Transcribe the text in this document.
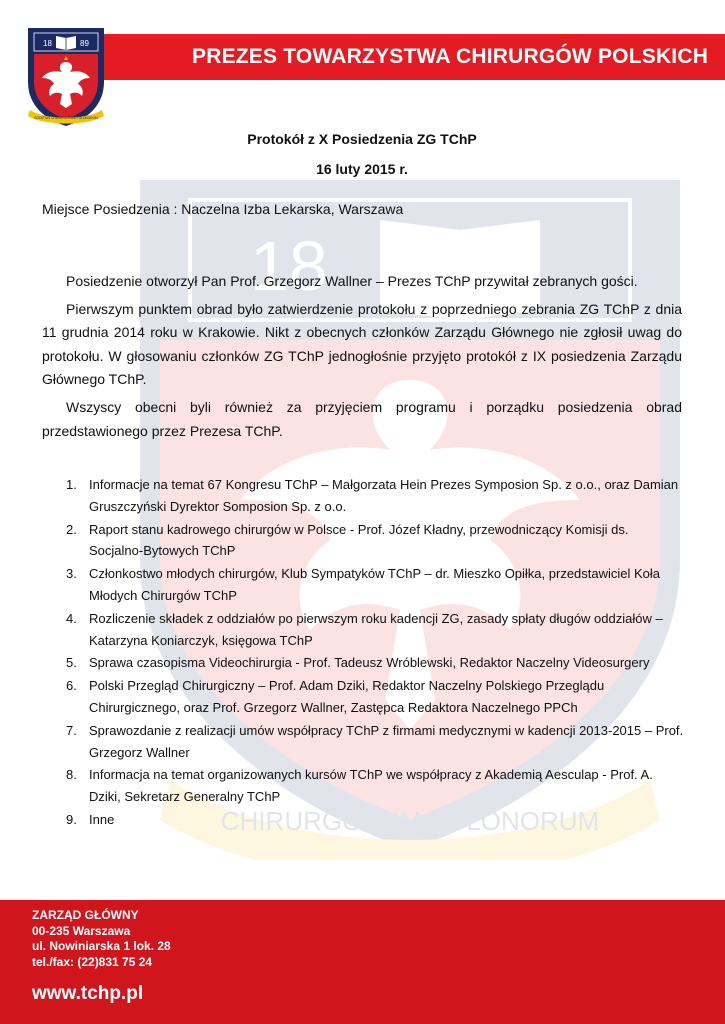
PREZES TOWARZYSTWA CHIRURGÓW POLSKICH
18	89
SOCIETAS CHIRURGORUM POLONORUM
18
CHIRURGORUM POLONORUM
Protokół z X Posiedzenia ZG TChP
16 luty 2015 r.
Miejsce Posiedzenia : Naczelna Izba Lekarska, Warszawa

Posiedzenie otworzył Pan Prof. Grzegorz Wallner – Prezes TChP przywitał zebranych gości.

Pierwszym punktem obrad było zatwierdzenie protokołu z poprzedniego zebrania ZG TChP z dnia 11 grudnia 2014 roku w Krakowie. Nikt z obecnych członków Zarządu Głównego nie zgłosił uwag do protokołu. W głosowaniu członków ZG TChP jednogłośnie przyjęto protokół z IX posiedzenia Zarządu Głównego TChP.

Wszyscy obecni byli również za przyjęciem programu i porządku posiedzenia obrad przedstawionego przez Prezesa TChP.

1. Informacje na temat 67 Kongresu TChP – Małgorzata Hein Prezes Symposion Sp. z o.o., oraz Damian Gruszczyński Dyrektor Somposion Sp. z o.o.
2. Raport stanu kadrowego chirurgów w Polsce - Prof. Józef Kładny, przewodniczący Komisji ds. Socjalno-Bytowych TChP
3. Członkostwo młodych chirurgów, Klub Sympatyków TChP – dr. Mieszko Opiłka, przedstawiciel Koła Młodych Chirurgów TChP
4. Rozliczenie składek z oddziałów po pierwszym roku kadencji ZG, zasady spłaty długów oddziałów – Katarzyna Koniarczyk, księgowa TChP
5. Sprawa czasopisma Videochirurgia - Prof. Tadeusz Wróblewski, Redaktor Naczelny Videosurgery
6. Polski Przegląd Chirurgiczny – Prof. Adam Dziki, Redaktor Naczelny Polskiego Przeglądu Chirurgicznego, oraz Prof. Grzegorz Wallner, Zastępca Redaktora Naczelnego PPCh
7. Sprawozdanie z realizacji umów współpracy TChP z firmami medycznymi w kadencji 2013-2015 – Prof. Grzegorz Wallner
8. Informacja na temat organizowanych kursów TChP we współpracy z Akademią Aesculap - Prof. A. Dziki, Sekretarz Generalny TChP
9. Inne
ZARZĄD GŁÓWNY
00-235 Warszawa
ul. Nowiniarska 1 lok. 28
tel./fax: (22)831 75 24
www.tchp.pl
